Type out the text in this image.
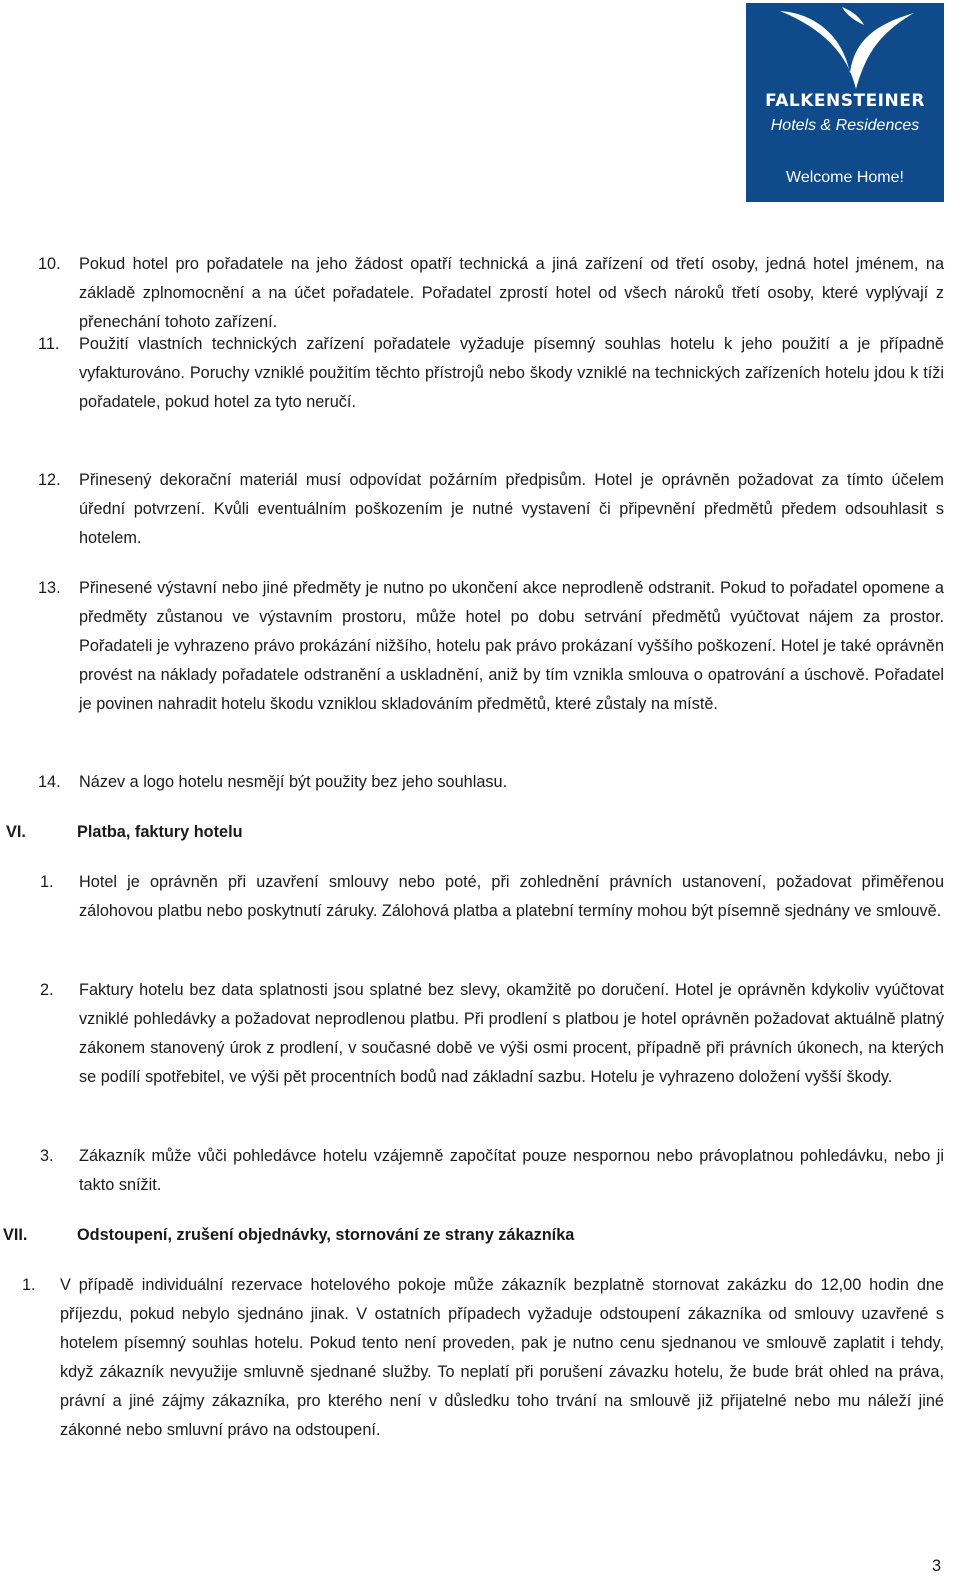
FALKENSTEINER
Hotels & Residences
Welcome Home!
10. Pokud hotel pro pořadatele na jeho žádost opatří technická a jiná zařízení od třetí osoby, jedná hotel jménem, na základě zplnomocnění a na účet pořadatele. Pořadatel zprostí hotel od všech nároků třetí osoby, které vyplývají z přenechání tohoto zařízení.
11. Použití vlastních technických zařízení pořadatele vyžaduje písemný souhlas hotelu k jeho použití a je případně vyfakturováno. Poruchy vzniklé použitím těchto přístrojů nebo škody vzniklé na technických zařízeních hotelu jdou k tíži pořadatele, pokud hotel za tyto neručí.
12. Přinesený dekorační materiál musí odpovídat požárním předpisům. Hotel je oprávněn požadovat za tímto účelem úřední potvrzení. Kvůli eventuálním poškozením je nutné vystavení či připevnění předmětů předem odsouhlasit s hotelem.
13. Přinesené výstavní nebo jiné předměty je nutno po ukončení akce neprodleně odstranit. Pokud to pořadatel opomene a předměty zůstanou ve výstavním prostoru, může hotel po dobu setrvání předmětů vyúčtovat nájem za prostor. Pořadateli je vyhrazeno právo prokázání nižšího, hotelu pak právo prokázaní vyššího poškození. Hotel je také oprávněn provést na náklady pořadatele odstranění a uskladnění, aniž by tím vznikla smlouva o opatrování a úschově. Pořadatel je povinen nahradit hotelu škodu vzniklou skladováním předmětů, které zůstaly na místě.
14. Název a logo hotelu nesmějí být použity bez jeho souhlasu.
VI.	Platba, faktury hotelu
1. Hotel je oprávněn při uzavření smlouvy nebo poté, při zohlednění právních ustanovení, požadovat přiměřenou zálohovou platbu nebo poskytnutí záruky. Zálohová platba a platební termíny mohou být písemně sjednány ve smlouvě.
2. Faktury hotelu bez data splatnosti jsou splatné bez slevy, okamžitě po doručení. Hotel je oprávněn kdykoliv vyúčtovat vzniklé pohledávky a požadovat neprodlenou platbu. Při prodlení s platbou je hotel oprávněn požadovat aktuálně platný zákonem stanovený úrok z prodlení, v současné době ve výši osmi procent, případně při právních úkonech, na kterých se podílí spotřebitel, ve výši pět procentních bodů nad základní sazbu. Hotelu je vyhrazeno doložení vyšší škody.
3. Zákazník může vůči pohledávce hotelu vzájemně započítat pouze nespornou nebo právoplatnou pohledávku, nebo ji takto snížit.
VII.	Odstoupení, zrušení objednávky, stornování ze strany zákazníka
1. V případě individuální rezervace hotelového pokoje může zákazník bezplatně stornovat zakázku do 12,00 hodin dne příjezdu, pokud nebylo sjednáno jinak. V ostatních případech vyžaduje odstoupení zákazníka od smlouvy uzavřené s hotelem písemný souhlas hotelu. Pokud tento není proveden, pak je nutno cenu sjednanou ve smlouvě zaplatit i tehdy, když zákazník nevyužije smluvně sjednané služby. To neplatí při porušení závazku hotelu, že bude brát ohled na práva, právní a jiné zájmy zákazníka, pro kterého není v důsledku toho trvání na smlouvě již přijatelné nebo mu náleží jiné zákonné nebo smluvní právo na odstoupení.
3
